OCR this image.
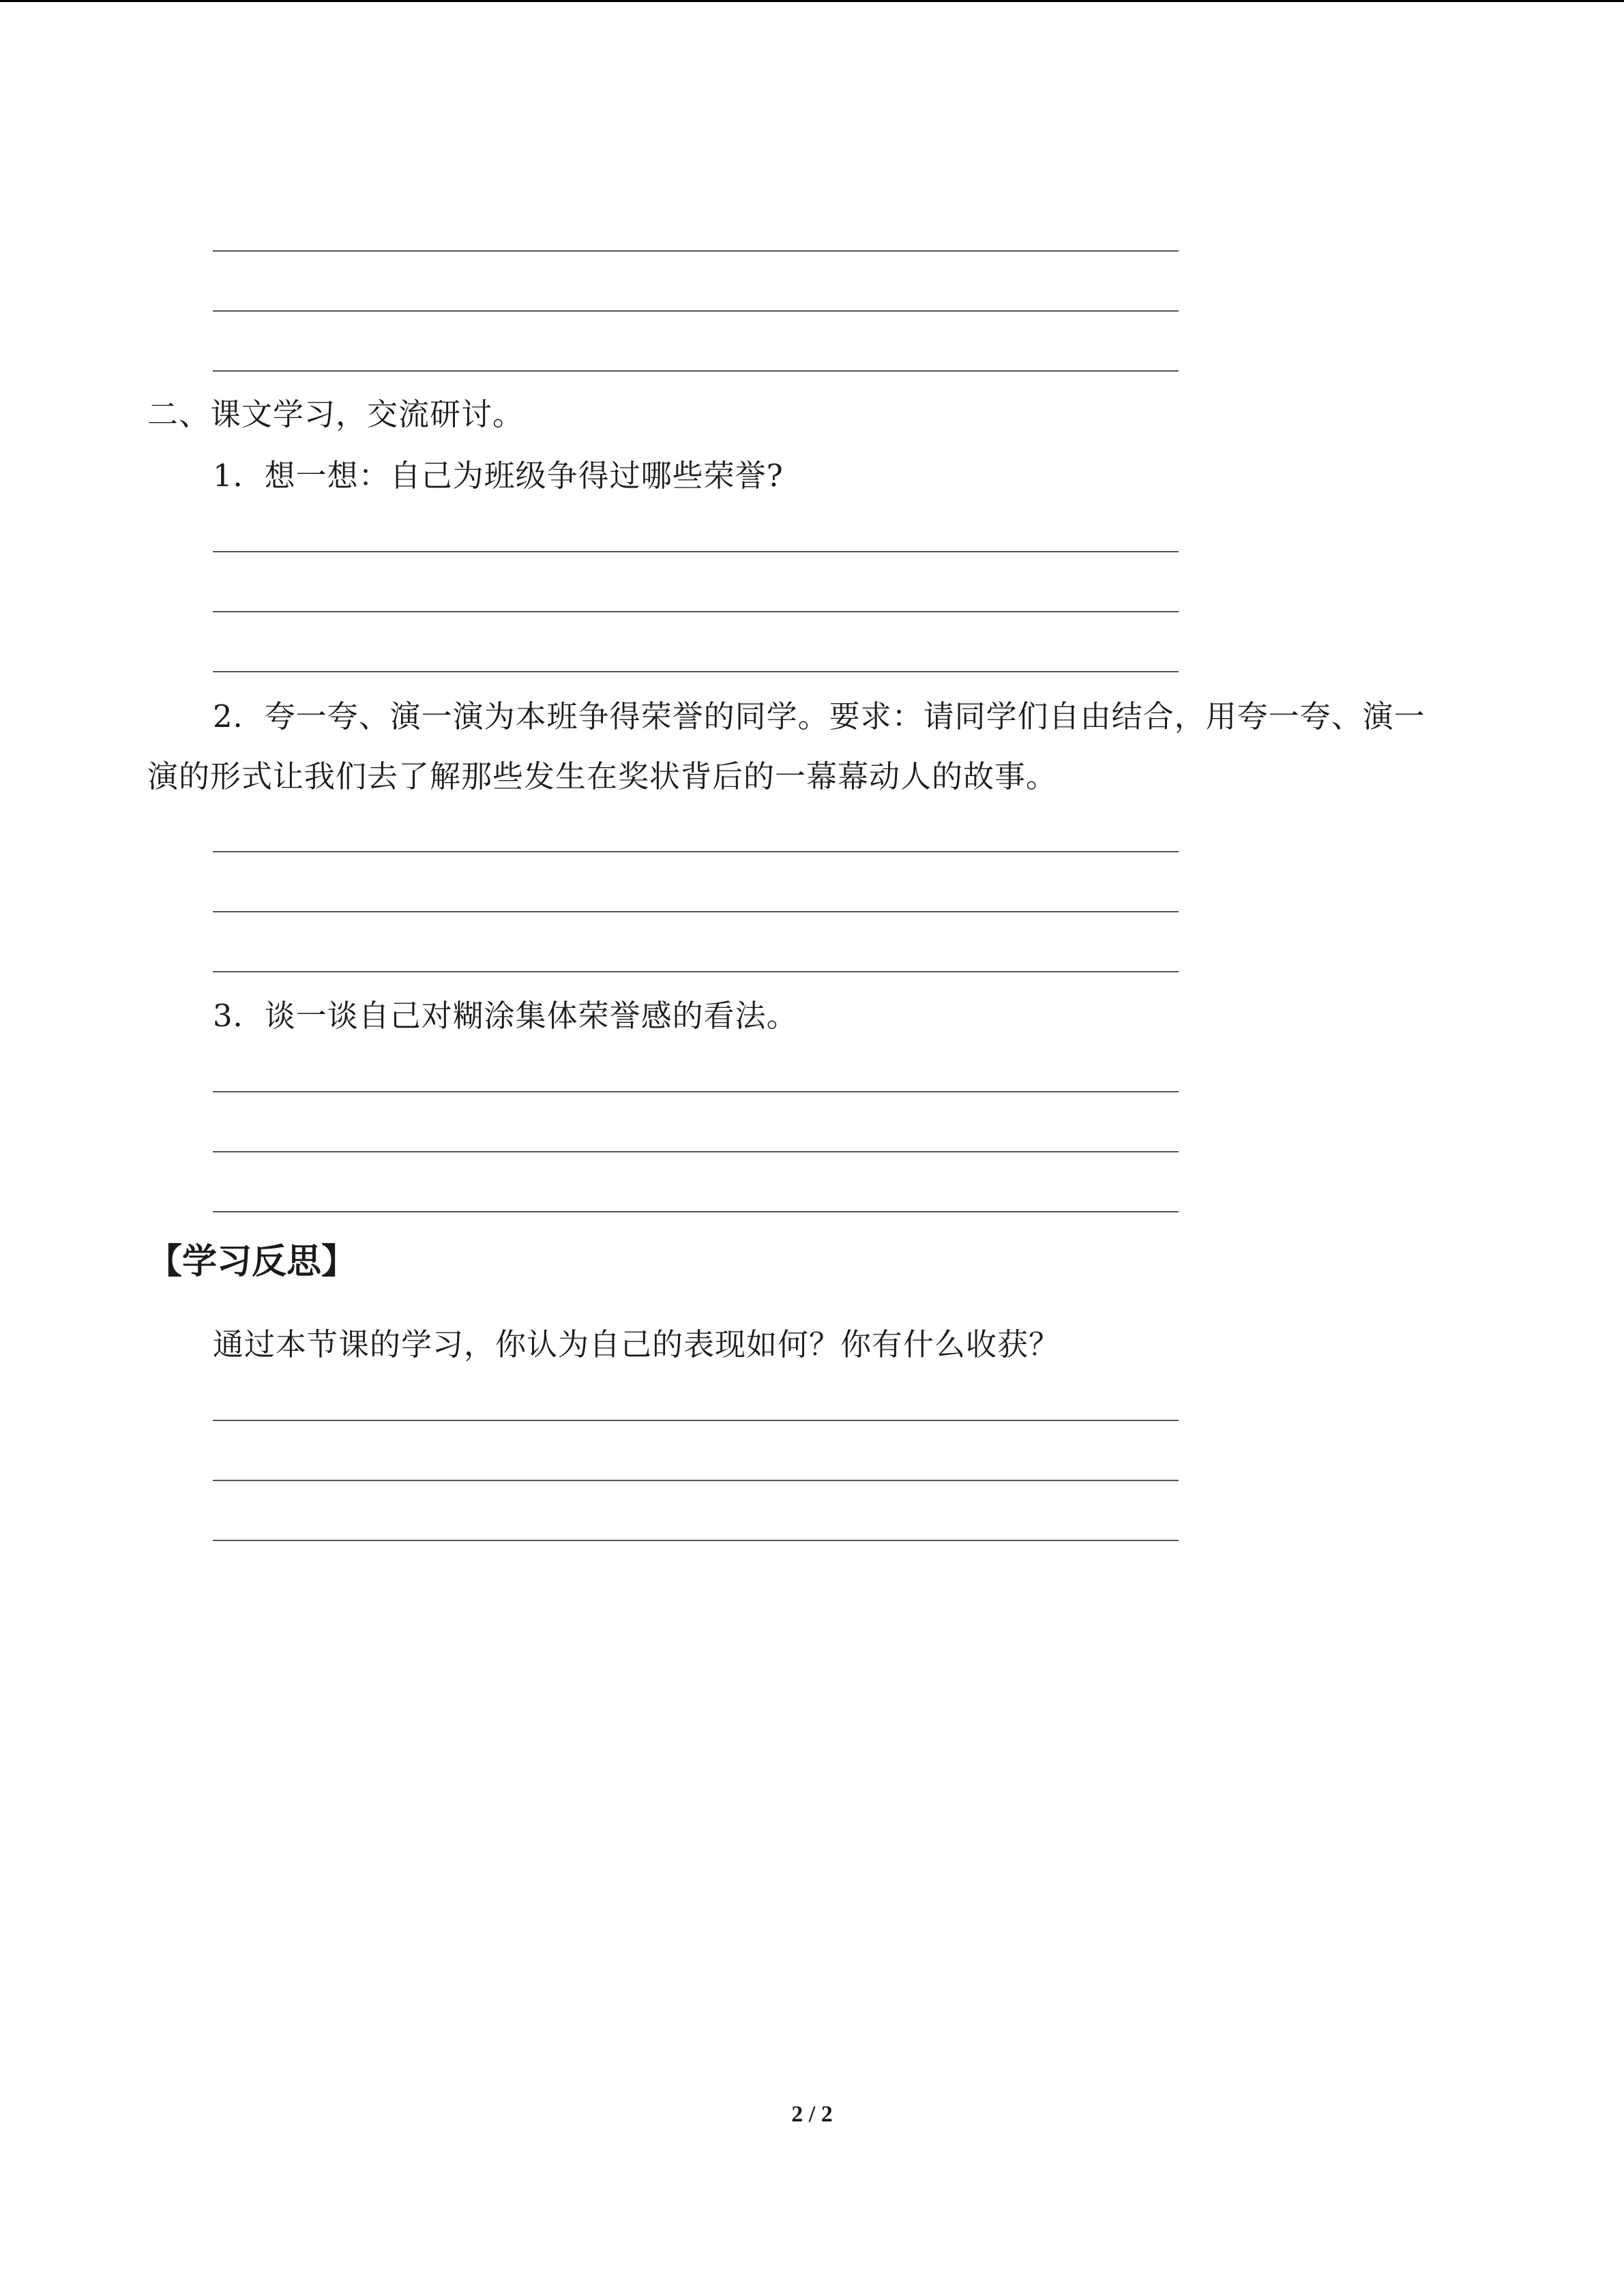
二、课文学习，交流研讨。
1．想一想：自己为班级争得过哪些荣誉?
2．夸一夸、演一演为本班争得荣誉的同学。要求：请同学们自由结合，用夸一夸、演一
演的形式让我们去了解那些发生在奖状背后的一幕幕动人的故事。
3．谈一谈自己对糊涂集体荣誉感的看法。
【学习反思】
通过本节课的学习，你认为自己的表现如何？你有什么收获？
2 / 2
